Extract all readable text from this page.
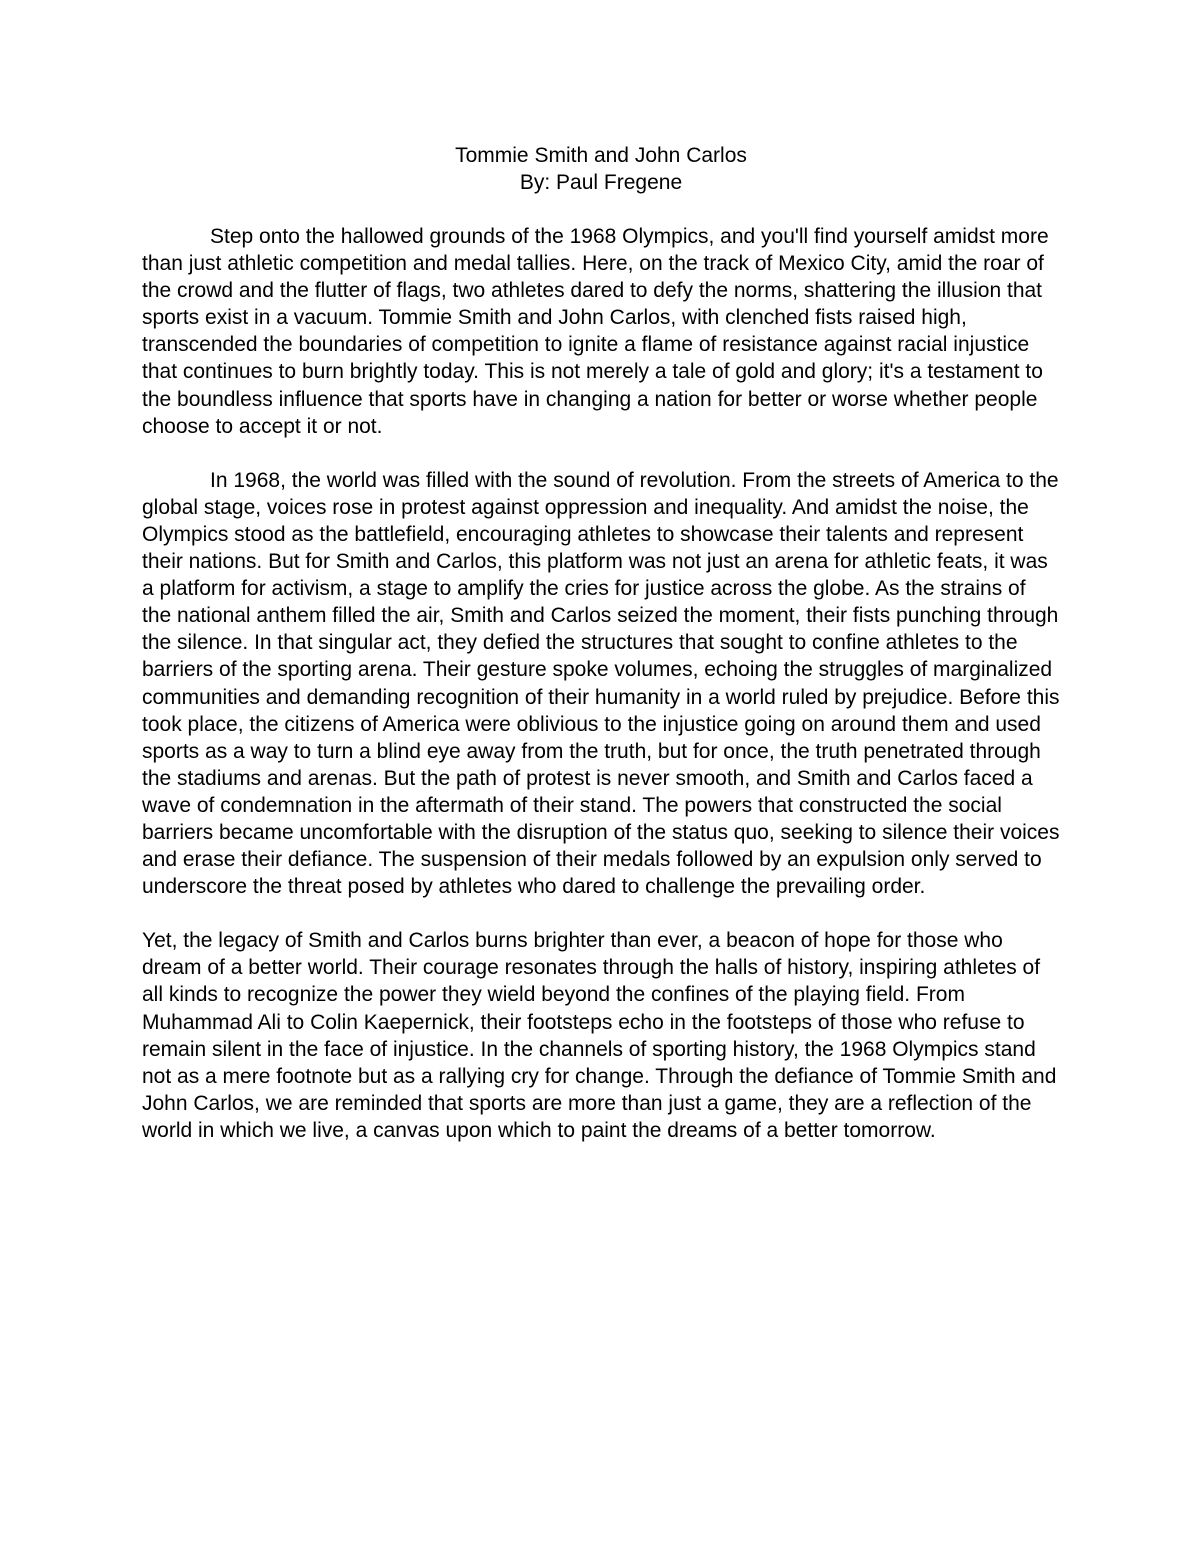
Tommie Smith and John Carlos
By: Paul Fregene

Step onto the hallowed grounds of the 1968 Olympics, and you'll find yourself amidst more than just athletic competition and medal tallies. Here, on the track of Mexico City, amid the roar of the crowd and the flutter of flags, two athletes dared to defy the norms, shattering the illusion that sports exist in a vacuum. Tommie Smith and John Carlos, with clenched fists raised high, transcended the boundaries of competition to ignite a flame of resistance against racial injustice that continues to burn brightly today. This is not merely a tale of gold and glory; it's a testament to the boundless influence that sports have in changing a nation for better or worse whether people choose to accept it or not.

In 1968, the world was filled with the sound of revolution. From the streets of America to the global stage, voices rose in protest against oppression and inequality. And amidst the noise, the Olympics stood as the battlefield, encouraging athletes to showcase their talents and represent their nations. But for Smith and Carlos, this platform was not just an arena for athletic feats, it was a platform for activism, a stage to amplify the cries for justice across the globe. As the strains of the national anthem filled the air, Smith and Carlos seized the moment, their fists punching through the silence. In that singular act, they defied the structures that sought to confine athletes to the barriers of the sporting arena. Their gesture spoke volumes, echoing the struggles of marginalized communities and demanding recognition of their humanity in a world ruled by prejudice. Before this took place, the citizens of America were oblivious to the injustice going on around them and used sports as a way to turn a blind eye away from the truth, but for once, the truth penetrated through the stadiums and arenas. But the path of protest is never smooth, and Smith and Carlos faced a wave of condemnation in the aftermath of their stand. The powers that constructed the social barriers became uncomfortable with the disruption of the status quo, seeking to silence their voices and erase their defiance. The suspension of their medals followed by an expulsion only served to underscore the threat posed by athletes who dared to challenge the prevailing order.

Yet, the legacy of Smith and Carlos burns brighter than ever, a beacon of hope for those who dream of a better world. Their courage resonates through the halls of history, inspiring athletes of all kinds to recognize the power they wield beyond the confines of the playing field. From Muhammad Ali to Colin Kaepernick, their footsteps echo in the footsteps of those who refuse to remain silent in the face of injustice. In the channels of sporting history, the 1968 Olympics stand not as a mere footnote but as a rallying cry for change. Through the defiance of Tommie Smith and John Carlos, we are reminded that sports are more than just a game, they are a reflection of the world in which we live, a canvas upon which to paint the dreams of a better tomorrow.
